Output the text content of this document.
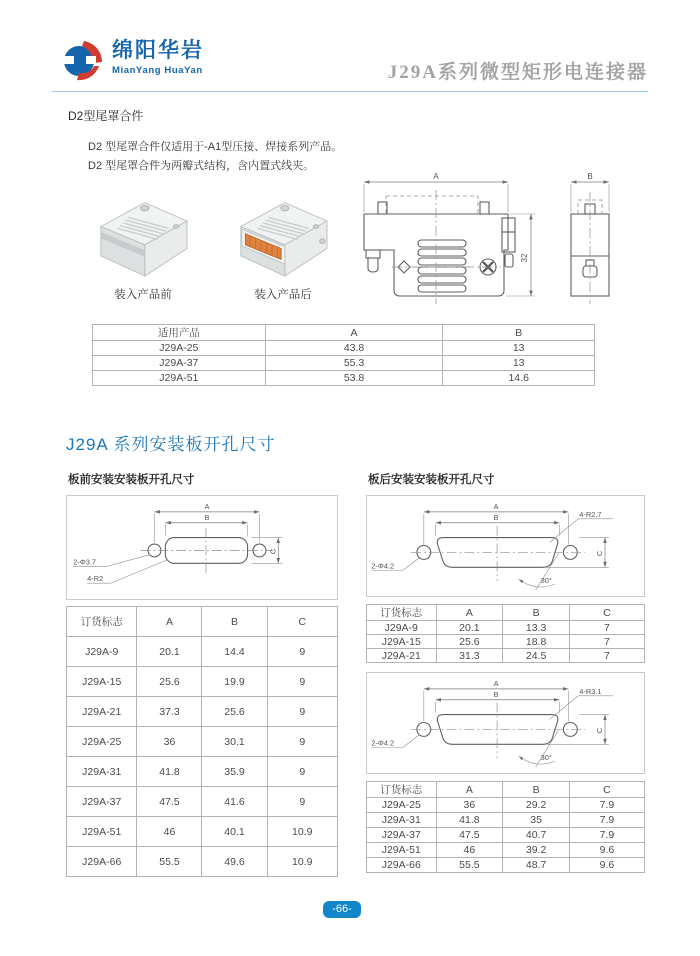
绵阳华岩
MianYang HuaYan	J29A系列微型矩形电连接器
D2型尾罩合件
D2 型尾罩合件仅适用于-A1型压接、焊接系列产品。
D2 型尾罩合件为两瓣式结构，含内置式线夹。
装入产品前	装入产品后
A
32
B
适用产品	A	B
J29A-25	43.8	13
J29A-37	55.3	13
J29A-51	53.8	14.6
J29A 系列安装板开孔尺寸
板前安装安装板开孔尺寸	板后安装安装板开孔尺寸
A
B
C
2-Φ3.7
4-R2
订货标志	A	B	C
J29A-9	20.1	14.4	9
J29A-15	25.6	19.9	9
J29A-21	37.3	25.6	9
J29A-25	36	30.1	9
J29A-31	41.8	35.9	9
J29A-37	47.5	41.6	9
J29A-51	46	40.1	10.9
J29A-66	55.5	49.6	10.9
A
B	4-R2.7
C
2-Φ4.2
30°
订货标志	A	B	C
J29A-9	20.1	13.3	7
J29A-15	25.6	18.8	7
J29A-21	31.3	24.5	7
A
B	4-R3.1
C
2-Φ4.2
30°
订货标志	A	B	C
J29A-25	36	29.2	7.9
J29A-31	41.8	35	7.9
J29A-37	47.5	40.7	7.9
J29A-51	46	39.2	9.6
J29A-66	55.5	48.7	9.6
-66-
